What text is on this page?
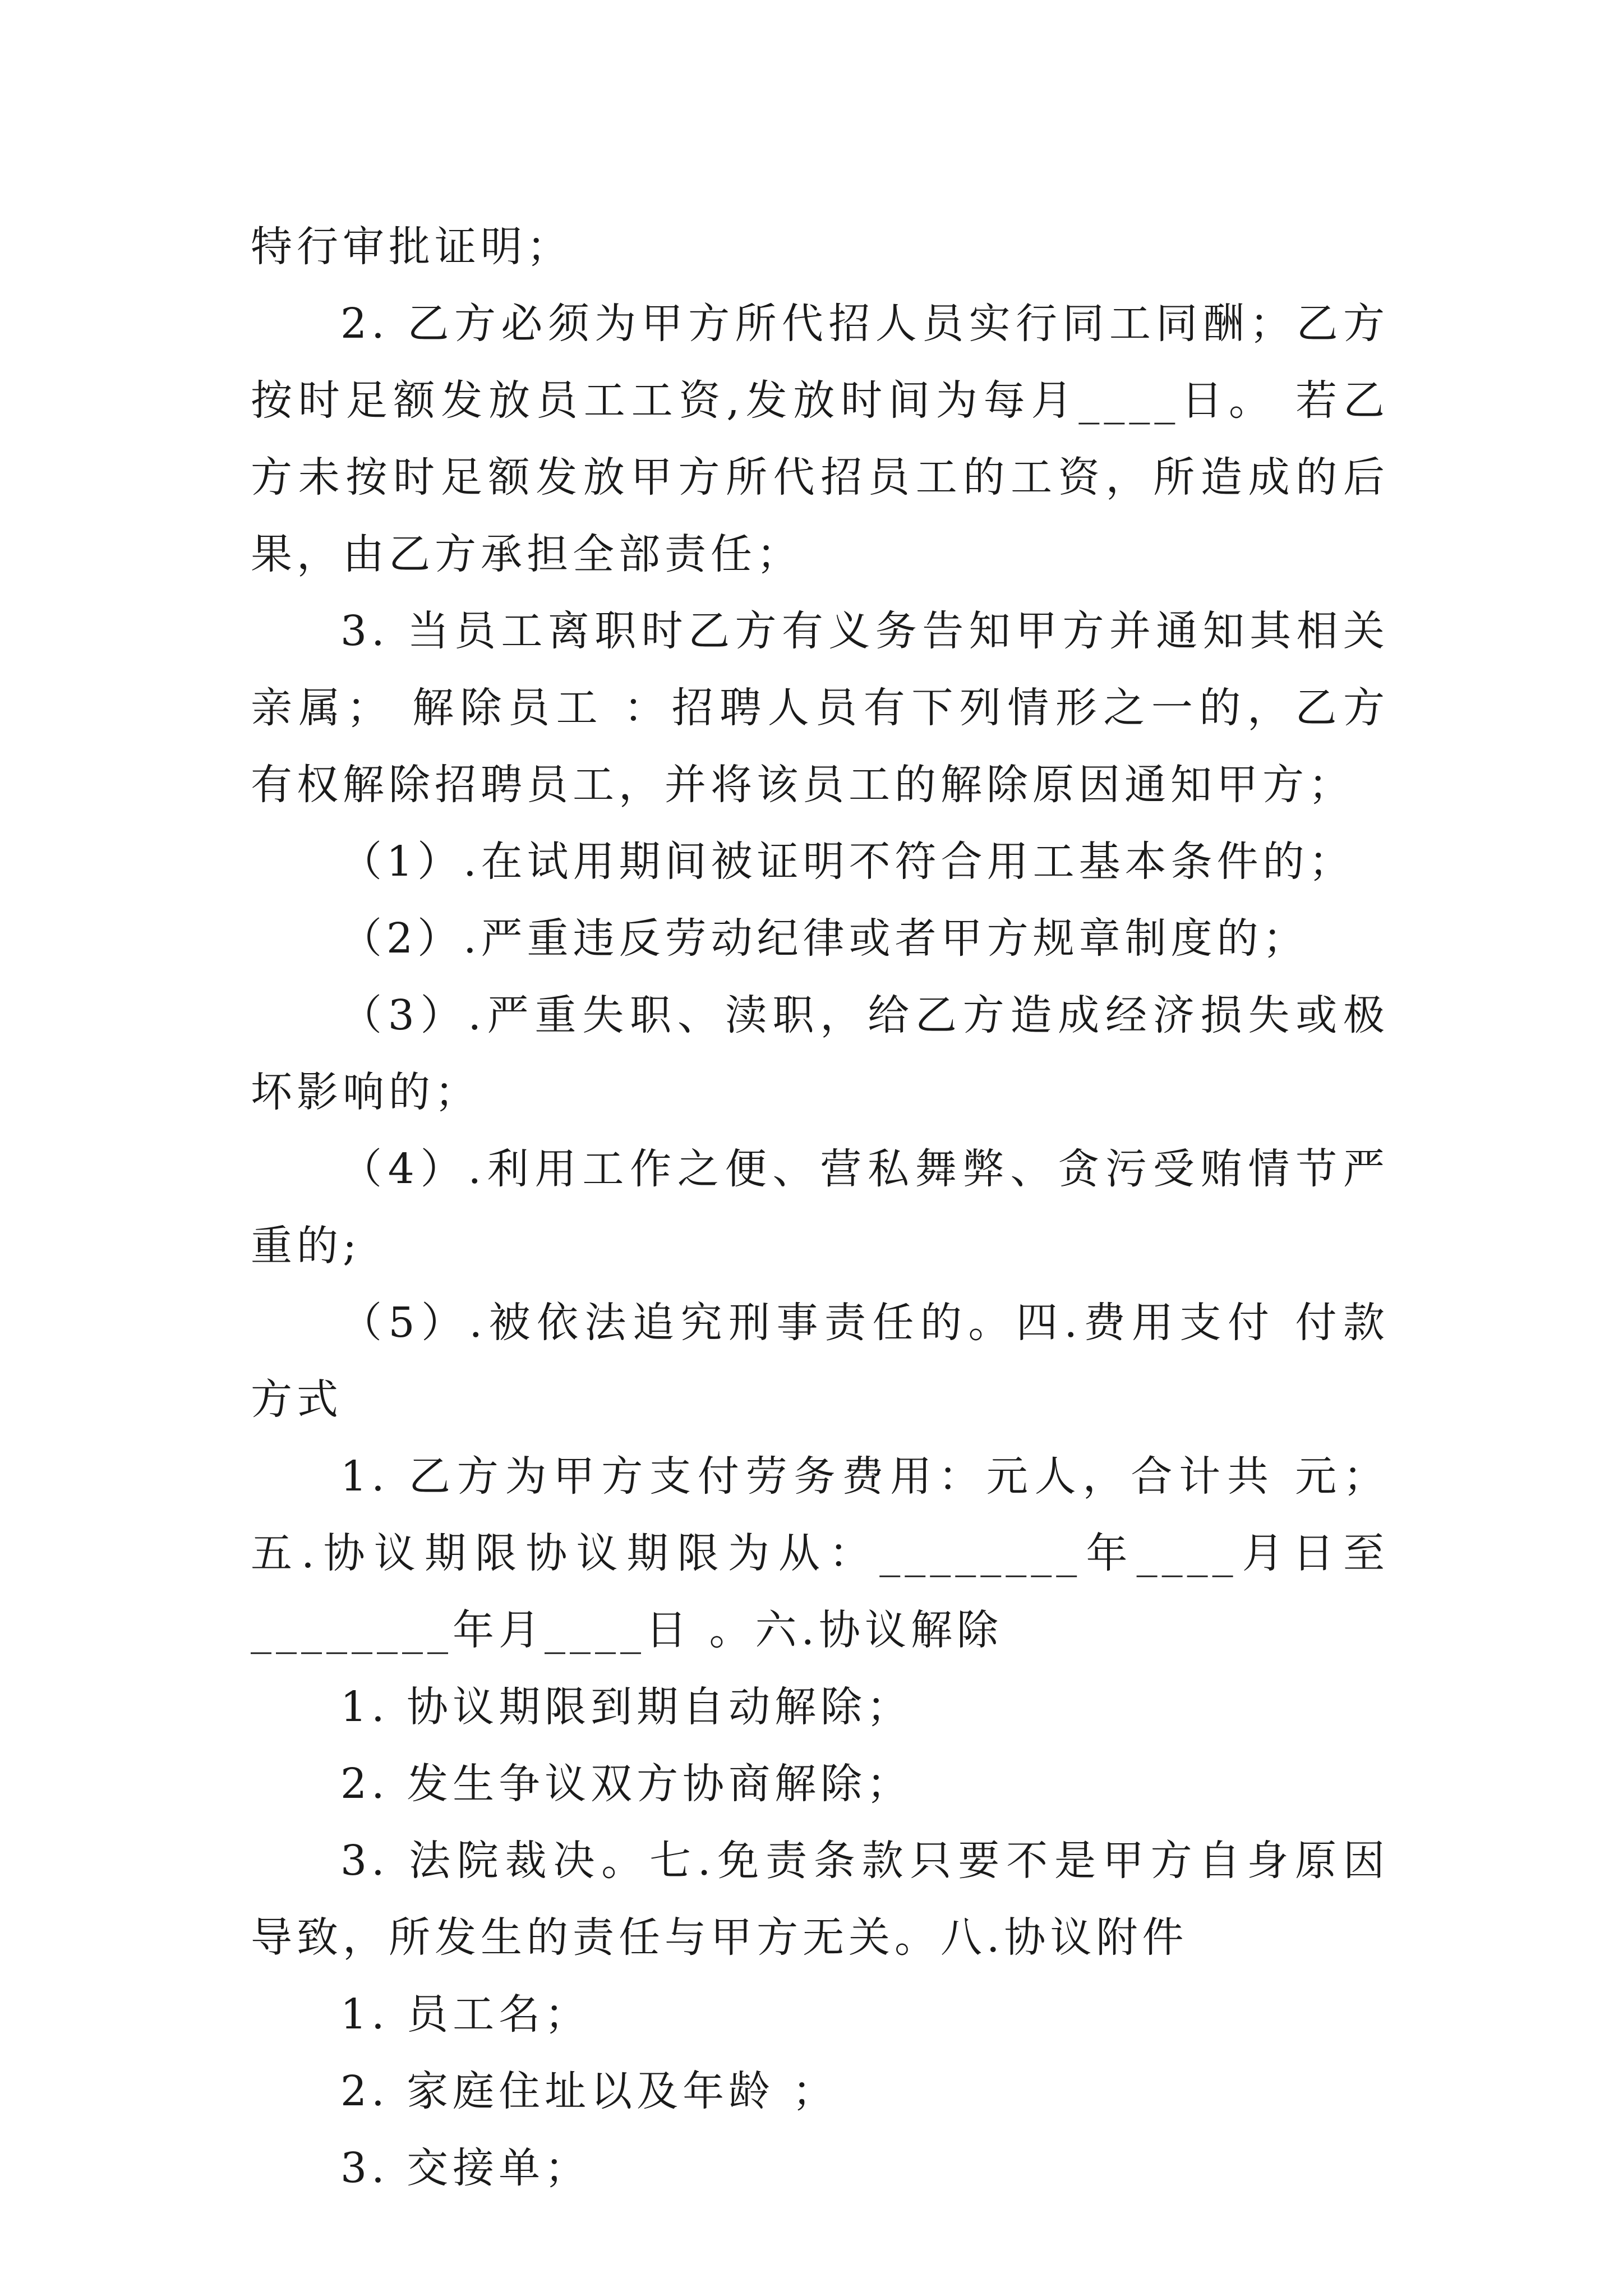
特行审批证明；

2. 乙方必须为甲方所代招人员实行同工同酬；乙方按时足额发放员工工资,发放时间为每月____日。 若乙方未按时足额发放甲方所代招员工的工资，所造成的后果，由乙方承担全部责任；

3. 当员工离职时乙方有义务告知甲方并通知其相关亲属； 解除员工 ：招聘人员有下列情形之一的，乙方有权解除招聘员工，并将该员工的解除原因通知甲方；

（1）.在试用期间被证明不符合用工基本条件的；

（2）.严重违反劳动纪律或者甲方规章制度的；

（3）.严重失职、渎职，给乙方造成经济损失或极坏影响的；

（4）.利用工作之便、营私舞弊、贪污受贿情节严重的;

（5）.被依法追究刑事责任的。四.费用支付 付款方式

1. 乙方为甲方支付劳务费用：元人，合计共 元；五.协议期限协议期限为从：________年____月日至________年月____日 。六.协议解除

1. 协议期限到期自动解除；

2. 发生争议双方协商解除；

3. 法院裁决。七.免责条款只要不是甲方自身原因导致，所发生的责任与甲方无关。八.协议附件

1. 员工名；

2. 家庭住址以及年龄 ；

3. 交接单；
